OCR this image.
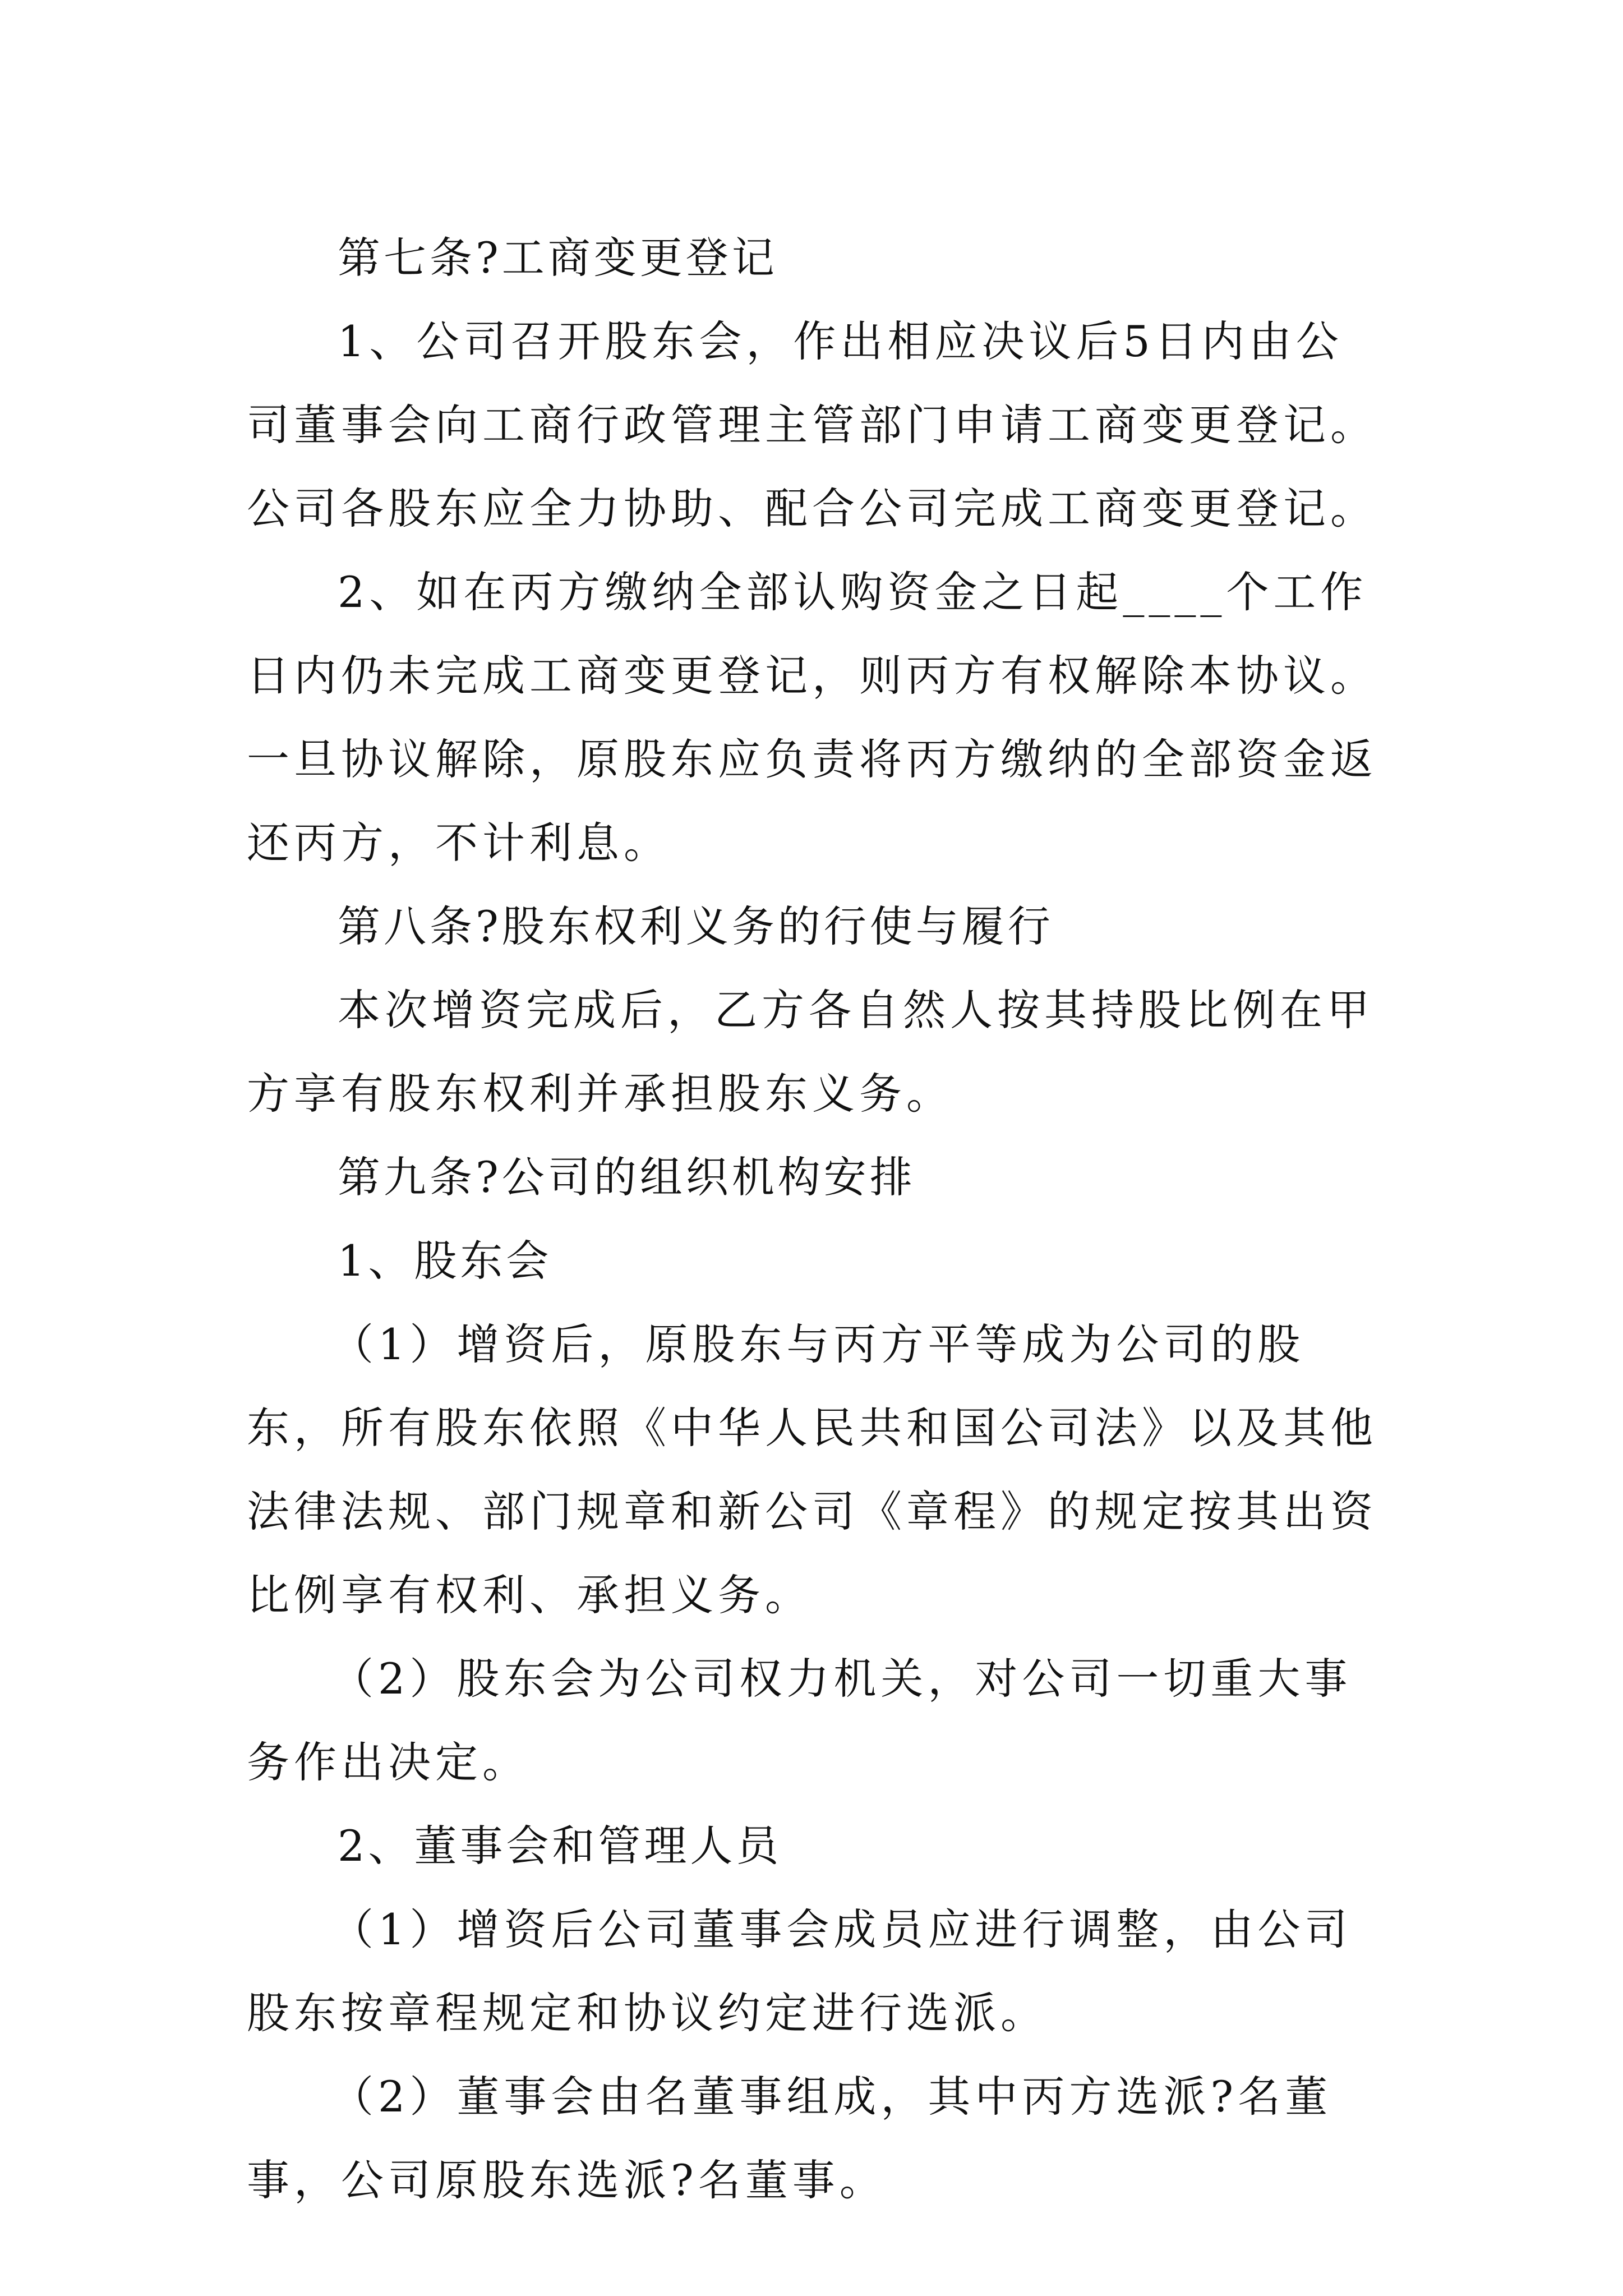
第七条?工商变更登记

1、公司召开股东会，作出相应决议后5日内由公司董事会向工商行政管理主管部门申请工商变更登记。公司各股东应全力协助、配合公司完成工商变更登记。

2、如在丙方缴纳全部认购资金之日起____个工作日内仍未完成工商变更登记，则丙方有权解除本协议。一旦协议解除，原股东应负责将丙方缴纳的全部资金返还丙方，不计利息。

第八条?股东权利义务的行使与履行

本次增资完成后，乙方各自然人按其持股比例在甲方享有股东权利并承担股东义务。

第九条?公司的组织机构安排

1、股东会

（1）增资后，原股东与丙方平等成为公司的股东，所有股东依照《中华人民共和国公司法》以及其他法律法规、部门规章和新公司《章程》的规定按其出资比例享有权利、承担义务。

（2）股东会为公司权力机关，对公司一切重大事务作出决定。

2、董事会和管理人员

（1）增资后公司董事会成员应进行调整，由公司股东按章程规定和协议约定进行选派。

（2）董事会由名董事组成，其中丙方选派?名董事，公司原股东选派?名董事。
